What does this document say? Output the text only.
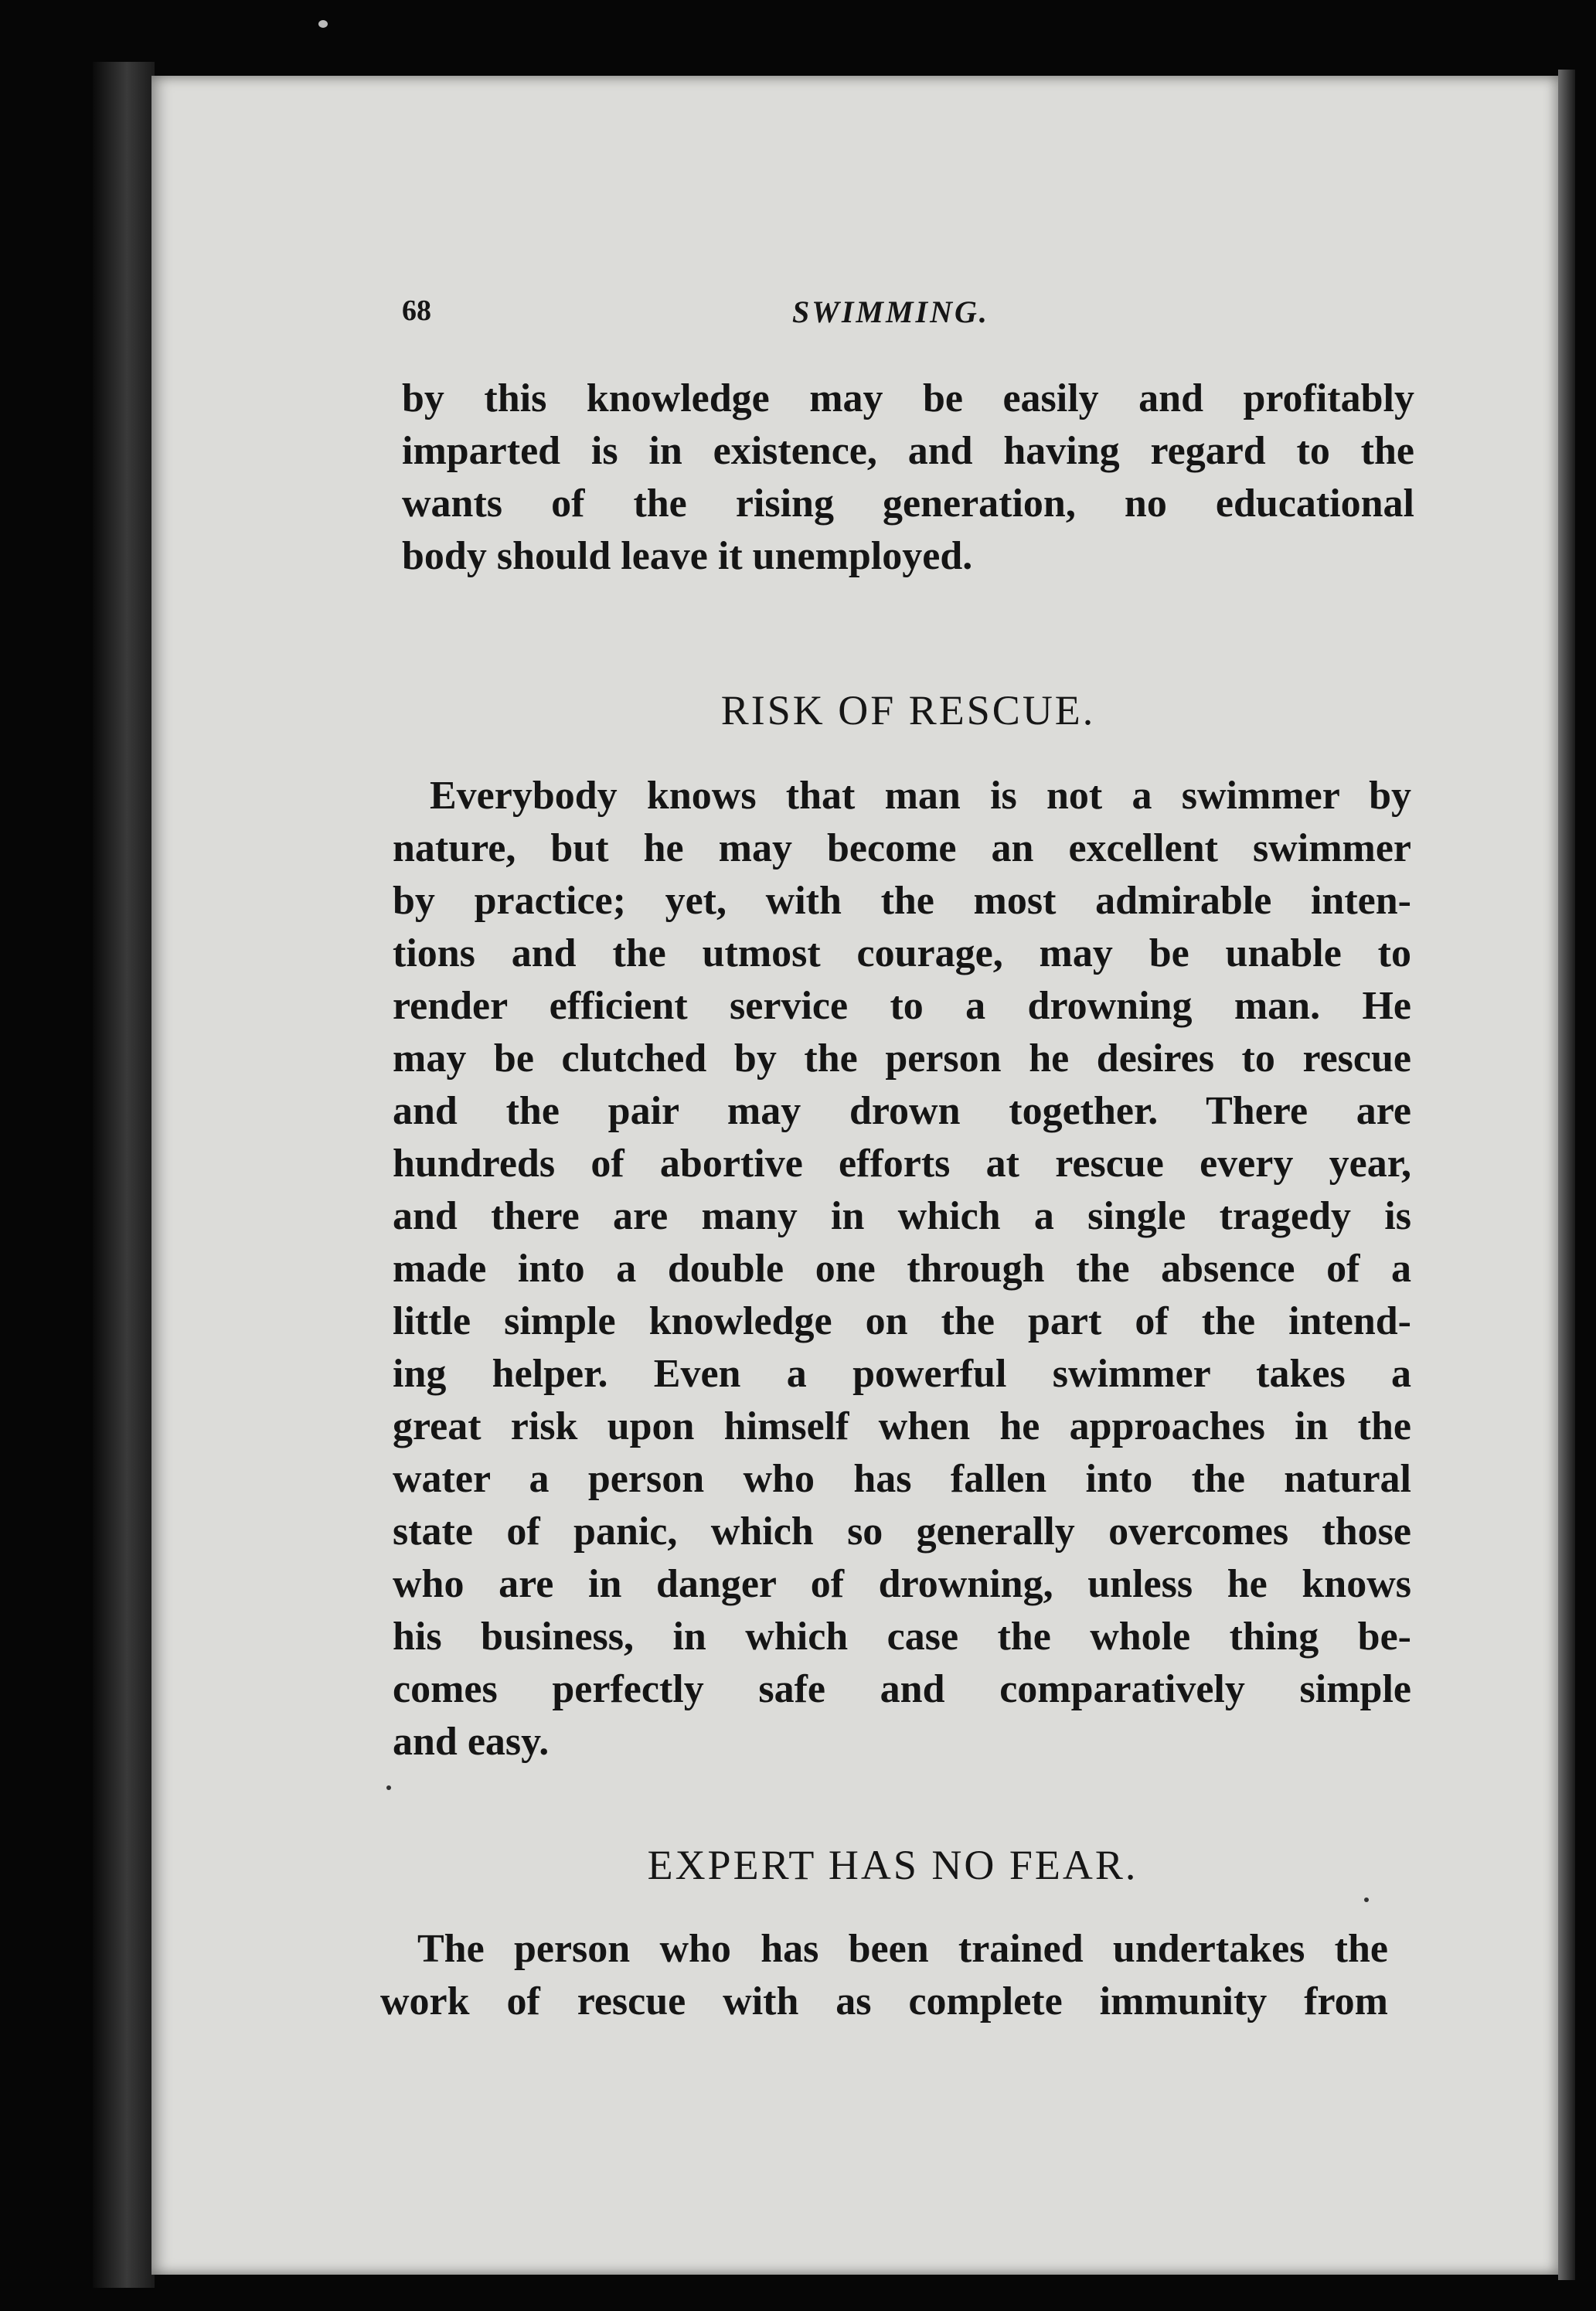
68	SWIMMING.

by this knowledge may be easily and profitably
imparted is in existence, and having regard to the
wants of the rising generation, no educational
body should leave it unemployed.

RISK OF RESCUE.

Everybody knows that man is not a swimmer by
nature, but he may become an excellent swimmer
by practice; yet, with the most admirable inten-
tions and the utmost courage, may be unable to
render efficient service to a drowning man. He
may be clutched by the person he desires to rescue
and the pair may drown together. There are
hundreds of abortive efforts at rescue every year,
and there are many in which a single tragedy is
made into a double one through the absence of a
little simple knowledge on the part of the intend-
ing helper. Even a powerful swimmer takes a
great risk upon himself when he approaches in the
water a person who has fallen into the natural
state of panic, which so generally overcomes those
who are in danger of drowning, unless he knows
his business, in which case the whole thing be-
comes perfectly safe and comparatively simple
and easy.

EXPERT HAS NO FEAR.

The person who has been trained undertakes the
work of rescue with as complete immunity from
